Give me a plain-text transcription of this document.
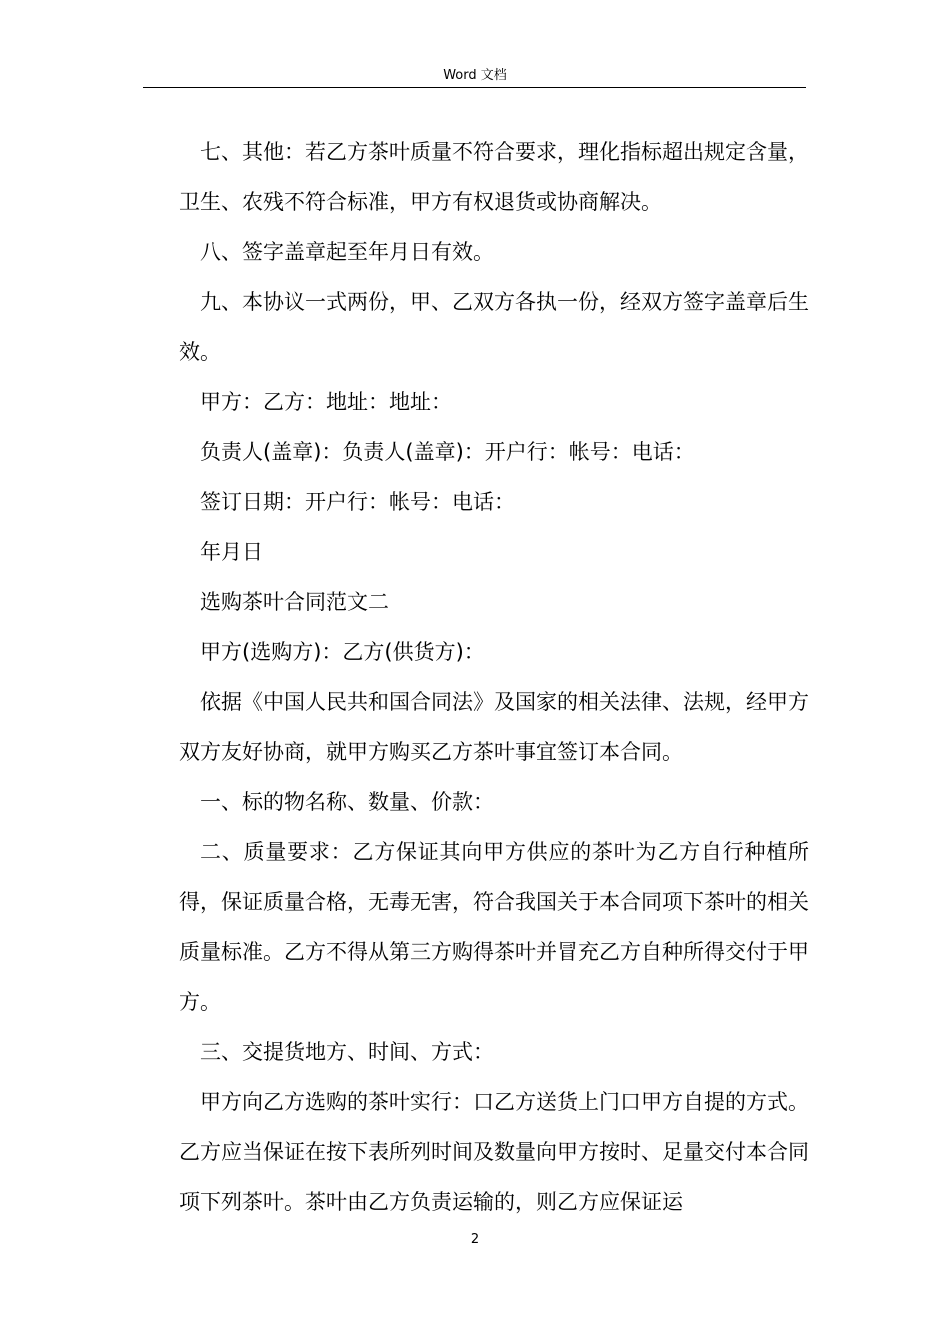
Word 文档

七、其他：若乙方茶叶质量不符合要求，理化指标超出规定含量，卫生、农残不符合标准，甲方有权退货或协商解决。

八、签字盖章起至年月日有效。

九、本协议一式两份，甲、乙双方各执一份，经双方签字盖章后生效。

甲方：乙方：地址：地址：

负责人(盖章)：负责人(盖章)：开户行：帐号：电话：

签订日期：开户行：帐号：电话：

年月日

选购茶叶合同范文二

甲方(选购方)：乙方(供货方)：

依据《中国人民共和国合同法》及国家的相关法律、法规，经甲方双方友好协商，就甲方购买乙方茶叶事宜签订本合同。

一、标的物名称、数量、价款：

二、质量要求：乙方保证其向甲方供应的茶叶为乙方自行种植所得，保证质量合格，无毒无害，符合我国关于本合同项下茶叶的相关质量标准。乙方不得从第三方购得茶叶并冒充乙方自种所得交付于甲方。

三、交提货地方、时间、方式：

甲方向乙方选购的茶叶实行：口乙方送货上门口甲方自提的方式。乙方应当保证在按下表所列时间及数量向甲方按时、足量交付本合同项下列茶叶。茶叶由乙方负责运输的，则乙方应保证运

2
